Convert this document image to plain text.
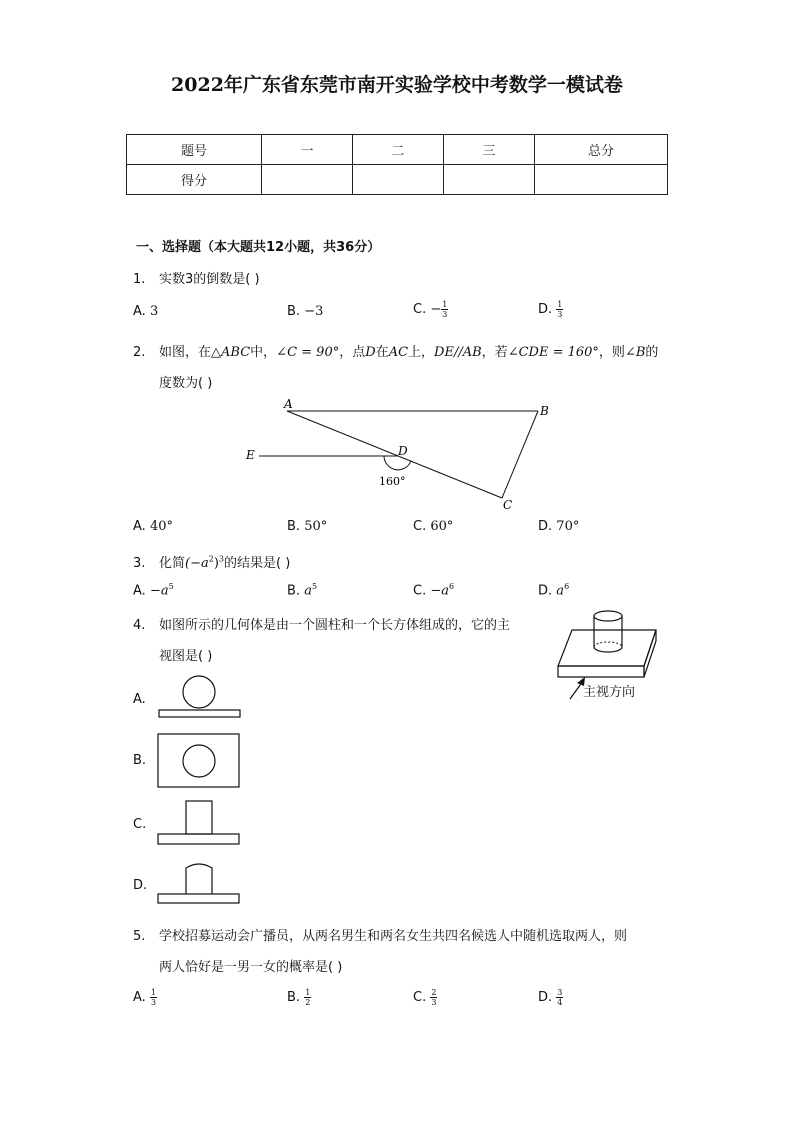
2022年广东省东莞市南开实验学校中考数学一模试卷
题号	一	二	三	总分
得分				
一、选择题（本大题共12小题，共36分）
1. 实数3的倒数是( )
A. 3	B. −3	C. − $\frac{1}{3}$	D. $\frac{1}{3}$
2. 如图，在△ABC中，∠C = 90°，点D在AC上，DE//AB，若∠CDE = 160°，则∠B的
度数为( )
A	B
C
D
E
160°
A. 40°	B. 50°	C. 60°	D. 70°
3. 化简$(-a^2)^3$的结果是( )
A. $-a^5$	B. $a^5$	C. $-a^6$	D. $a^6$
4. 如图所示的几何体是由一个圆柱和一个长方体组成的，它的主
视图是( )
主视方向
A.
B.
C.
D.
5. 学校招募运动会广播员，从两名男生和两名女生共四名候选人中随机选取两人，则
两人恰好是一男一女的概率是( )
A. $\frac{1}{3}$	B. $\frac{1}{2}$	C. $\frac{2}{3}$	D. $\frac{3}{4}$
